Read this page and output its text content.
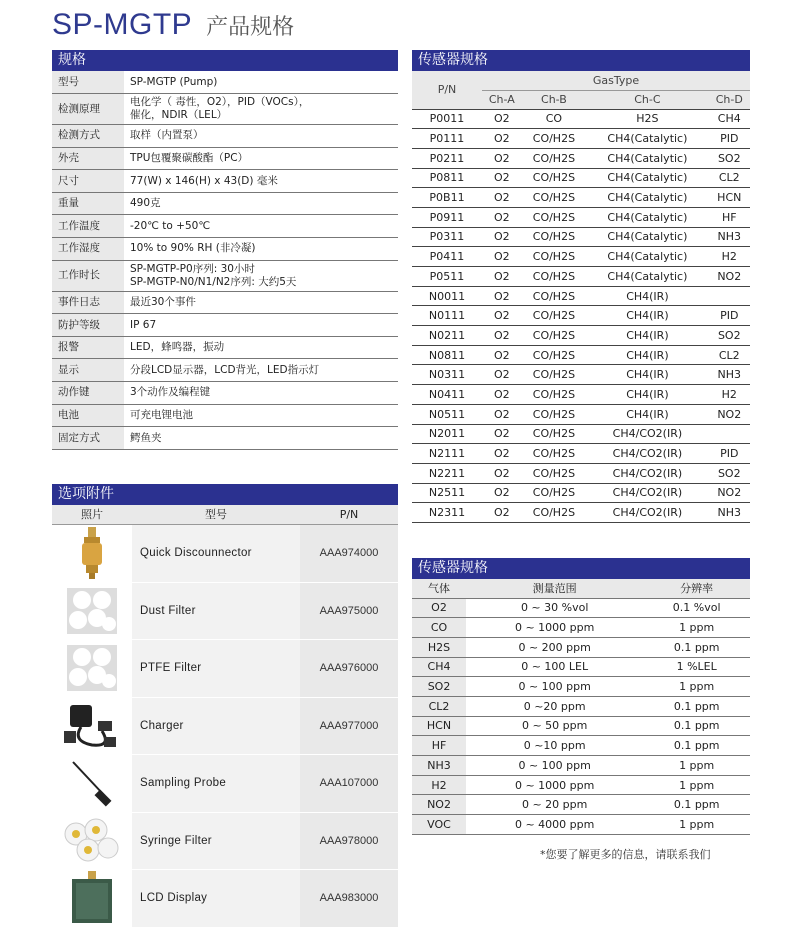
SP-MGTP 产品规格
规格
型号	SP-MGTP (Pump)
检测原理	电化学（ 毒性，O2），PID（VOCs），
催化，NDIR（LEL）
检测方式	取样（内置泵）
外壳	TPU包覆聚碳酸酯（PC）
尺寸	77(W) x 146(H) x 43(D) 毫米
重量	490克
工作温度	-20℃ to +50℃
工作湿度	10% to 90% RH (非冷凝)
工作时长	SP-MGTP-P0序列: 30小时
SP-MGTP-N0/N1/N2序列: 大约5天
事件日志	最近30个事件
防护等级	IP 67
报警	LED，蜂鸣器，振动
显示	分段LCD显示器，LCD背光，LED指示灯
动作键	3个动作及编程键
电池	可充电锂电池
固定方式	鳄鱼夹
选项附件
照片	型号	P/N
Quick Discounnector	AAA974000
Dust Filter	AAA975000
PTFE Filter	AAA976000
Charger	AAA977000
Sampling Probe	AAA107000
Syringe Filter	AAA978000
LCD Display	AAA983000
传感器规格
P/N	GasType			
	Ch-A	Ch-B	Ch-C	Ch-D
P0011	O2	CO	H2S	CH4
P0111	O2	CO/H2S	CH4(Catalytic)	PID
P0211	O2	CO/H2S	CH4(Catalytic)	SO2
P0811	O2	CO/H2S	CH4(Catalytic)	CL2
P0B11	O2	CO/H2S	CH4(Catalytic)	HCN
P0911	O2	CO/H2S	CH4(Catalytic)	HF
P0311	O2	CO/H2S	CH4(Catalytic)	NH3
P0411	O2	CO/H2S	CH4(Catalytic)	H2
P0511	O2	CO/H2S	CH4(Catalytic)	NO2
N0011	O2	CO/H2S	CH4(IR)	
N0111	O2	CO/H2S	CH4(IR)	PID
N0211	O2	CO/H2S	CH4(IR)	SO2
N0811	O2	CO/H2S	CH4(IR)	CL2
N0311	O2	CO/H2S	CH4(IR)	NH3
N0411	O2	CO/H2S	CH4(IR)	H2
N0511	O2	CO/H2S	CH4(IR)	NO2
N2011	O2	CO/H2S	CH4/CO2(IR)	
N2111	O2	CO/H2S	CH4/CO2(IR)	PID
N2211	O2	CO/H2S	CH4/CO2(IR)	SO2
N2511	O2	CO/H2S	CH4/CO2(IR)	NO2
N2311	O2	CO/H2S	CH4/CO2(IR)	NH3
传感器规格
气体	测量范围	分辨率
O2	0 ~ 30 %vol	0.1 %vol
CO	0 ~ 1000 ppm	1 ppm
H2S	0 ~ 200 ppm	0.1 ppm
CH4	0 ~ 100 LEL	1 %LEL
SO2	0 ~ 100 ppm	1 ppm
CL2	0 ~20 ppm	0.1 ppm
HCN	0 ~ 50 ppm	0.1 ppm
HF	0 ~10 ppm	0.1 ppm
NH3	0 ~ 100 ppm	1 ppm
H2	0 ~ 1000 ppm	1 ppm
NO2	0 ~ 20 ppm	0.1 ppm
VOC	0 ~ 4000 ppm	1 ppm
*您要了解更多的信息，请联系我们
